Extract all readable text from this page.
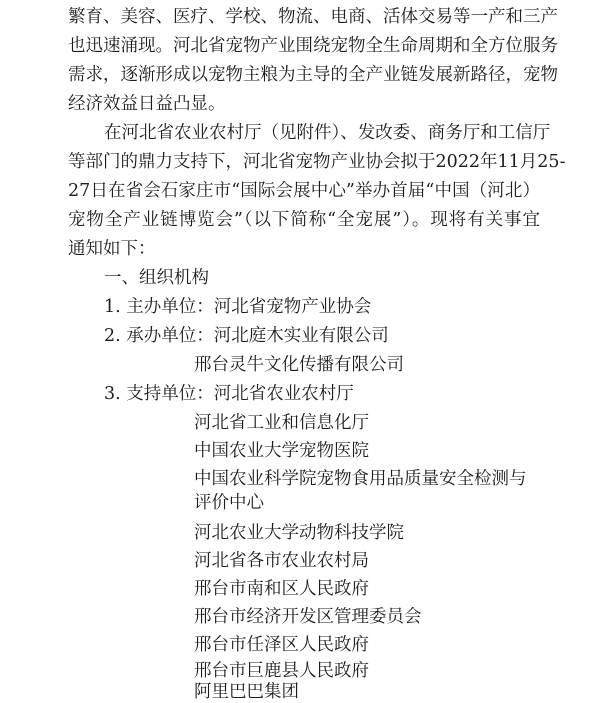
繁育、美容、医疗、学校、物流、电商、活体交易等一产和三产
也迅速涌现。河北省宠物产业围绕宠物全生命周期和全方位服务
需求，逐渐形成以宠物主粮为主导的全产业链发展新路径，宠物
经济效益日益凸显。
在河北省农业农村厅（见附件）、发改委、商务厅和工信厅
等部门的鼎力支持下，河北省宠物产业协会拟于2022年11月25-
27日在省会石家庄市“国际会展中心”举办首届“中国（河北）
宠物全产业链博览会”（以下简称“全宠展”）。现将有关事宜
通知如下：
一、组织机构
1. 主办单位：河北省宠物产业协会
2. 承办单位：河北庭木实业有限公司
邢台灵牛文化传播有限公司
3. 支持单位：河北省农业农村厅
河北省工业和信息化厅
中国农业大学宠物医院
中国农业科学院宠物食用品质量安全检测与
评价中心
河北农业大学动物科技学院
河北省各市农业农村局
邢台市南和区人民政府
邢台市经济开发区管理委员会
邢台市任泽区人民政府
邢台市巨鹿县人民政府
阿里巴巴集团
